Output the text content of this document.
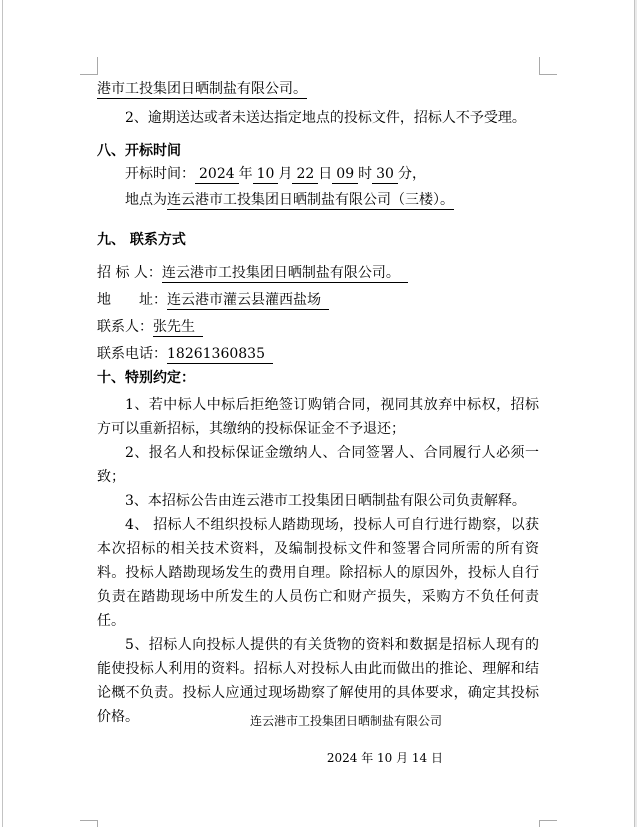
港市工投集团日晒制盐有限公司。
2、逾期送达或者未送达指定地点的投标文件，招标人不予受理。
八、开标时间
开标时间： 2024 年 10 月 22 日 09 时 30 分，
地点为连云港市工投集团日晒制盐有限公司（三楼）。
九、 联系方式
招 标 人：连云港市工投集团日晒制盐有限公司。
地　　址：连云港市灌云县灌西盐场
联系人：张先生
联系电话：18261360835
十、特别约定：

1、若中标人中标后拒绝签订购销合同，视同其放弃中标权，招标方可以重新招标，其缴纳的投标保证金不予退还；

2、报名人和投标保证金缴纳人、合同签署人、合同履行人必须一致；

3、本招标公告由连云港市工投集团日晒制盐有限公司负责解释。

4、 招标人不组织投标人踏勘现场，投标人可自行进行勘察，以获本次招标的相关技术资料，及编制投标文件和签署合同所需的所有资料。投标人踏勘现场发生的费用自理。除招标人的原因外，投标人自行负责在踏勘现场中所发生的人员伤亡和财产损失，采购方不负任何责任。

5、招标人向投标人提供的有关货物的资料和数据是招标人现有的能使投标人利用的资料。招标人对投标人由此而做出的推论、理解和结论概不负责。投标人应通过现场勘察了解使用的具体要求，确定其投标价格。	连云港市工投集团日晒制盐有限公司
2024 年 10 月 14 日
